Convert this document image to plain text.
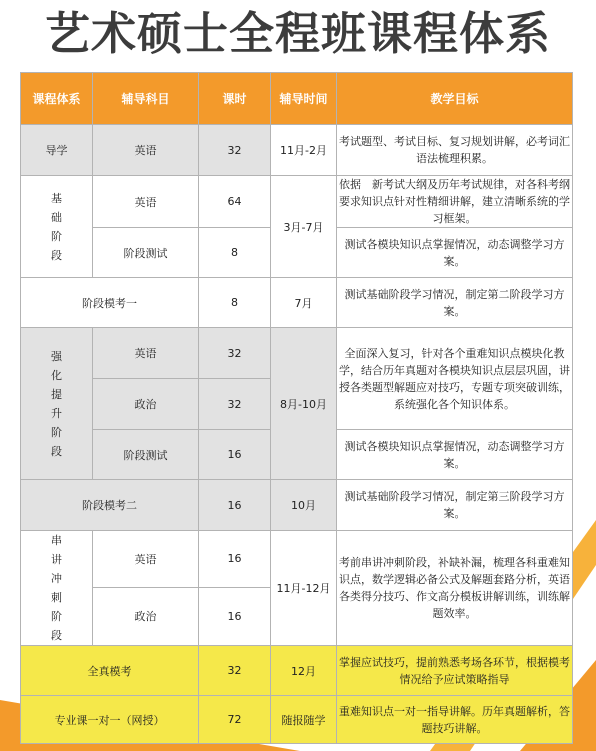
艺术硕士全程班课程体系
课程体系	辅导科目	课时	辅导时间	教学目标
导学	英语	32	11月-2月	考试题型、考试目标、复习规划讲解，必考词汇语法梳理积累。
基础阶段	英语	64	3月-7月	依据　新考试大纲及历年考试规律，对各科考纲要求知识点针对性精细讲解，建立清晰系统的学习框架。
	阶段测试	8		测试各模块知识点掌握情况，动态调整学习方案。
阶段模考一		8	7月	测试基础阶段学习情况，制定第二阶段学习方案。
强化提升阶段	英语	32	8月-10月	全面深入复习，针对各个重难知识点模块化教学，结合历年真题对各模块知识点层层巩固，讲授各类题型解题应对技巧，专题专项突破训练，系统强化各个知识体系。
	政治	32		
	阶段测试	16		测试各模块知识点掌握情况，动态调整学习方案。
阶段模考二		16	10月	测试基础阶段学习情况，制定第三阶段学习方案。
串讲冲刺阶段	英语	16	11月-12月	考前串讲冲刺阶段，补缺补漏，梳理各科重难知识点，数学逻辑必备公式及解题套路分析，英语各类得分技巧、作文高分模板讲解训练，训练解题效率。
	政治	16		
全真模考		32	12月	掌握应试技巧，提前熟悉考场各环节，根据模考情况给予应试策略指导
专业课一对一（网授）		72	随报随学	重难知识点一对一指导讲解。历年真题解析，答题技巧讲解。
